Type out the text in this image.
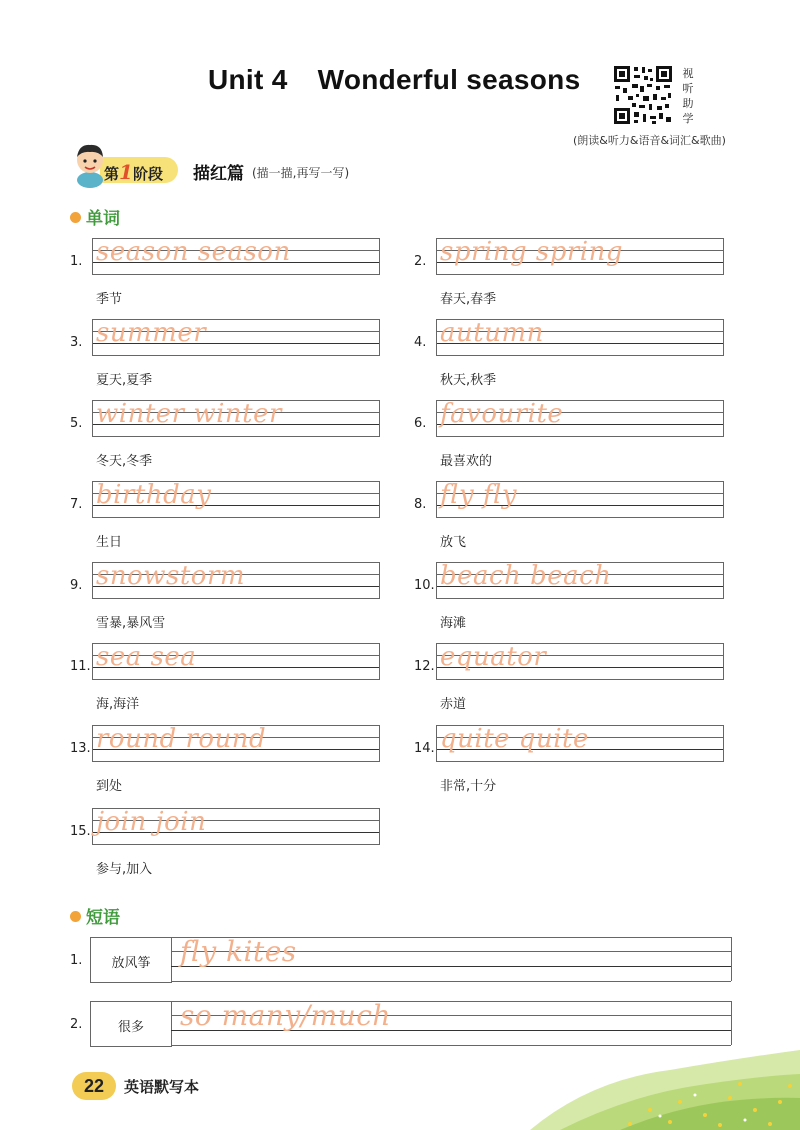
Unit 4 Wonderful seasons	视
听
助
学
(朗读&听力&语音&词汇&歌曲)
第1阶段 描红篇 (描一描,再写一写)
单词
1. season season
季节
2. spring spring
春天,春季
3. summer
夏天,夏季
4. autumn
秋天,秋季
5. winter winter
冬天,冬季
6. favourite
最喜欢的
7. birthday
生日
8. fly fly
放飞
9. snowstorm
雪暴,暴风雪
10. beach beach
海滩
11. sea sea
海,海洋
12. equator
赤道
13. round round
到处
14. quite quite
非常,十分
15. join join
参与,加入
短语
1.	放风筝	fly kites
2.	很多	so many/much
22	英语默写本
